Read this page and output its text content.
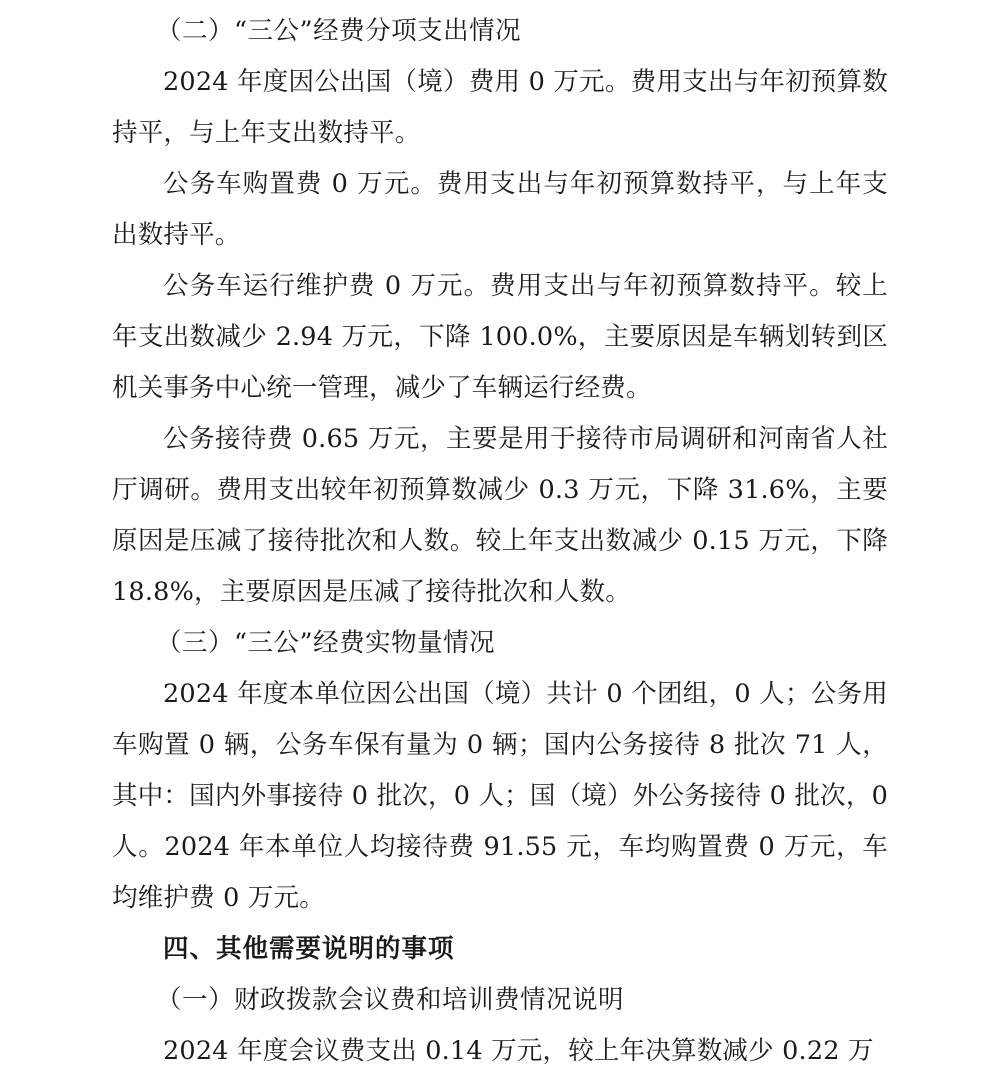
（二）“三公”经费分项支出情况

2024 年度因公出国（境）费用 0 万元。费用支出与年初预算数持平，与上年支出数持平。

公务车购置费 0 万元。费用支出与年初预算数持平，与上年支出数持平。

公务车运行维护费 0 万元。费用支出与年初预算数持平。较上年支出数减少 2.94 万元，下降 100.0%，主要原因是车辆划转到区机关事务中心统一管理，减少了车辆运行经费。

公务接待费 0.65 万元，主要是用于接待市局调研和河南省人社厅调研。费用支出较年初预算数减少 0.3 万元，下降 31.6%，主要原因是压减了接待批次和人数。较上年支出数减少 0.15 万元，下降 18.8%，主要原因是压减了接待批次和人数。

（三）“三公”经费实物量情况

2024 年度本单位因公出国（境）共计 0 个团组，0 人；公务用车购置 0 辆，公务车保有量为 0 辆；国内公务接待 8 批次 71 人，其中：国内外事接待 0 批次，0 人；国（境）外公务接待 0 批次，0 人。2024 年本单位人均接待费 91.55 元，车均购置费 0 万元，车均维护费 0 万元。

四、其他需要说明的事项
（一）财政拨款会议费和培训费情况说明

2024 年度会议费支出 0.14 万元，较上年决算数减少 0.22 万
